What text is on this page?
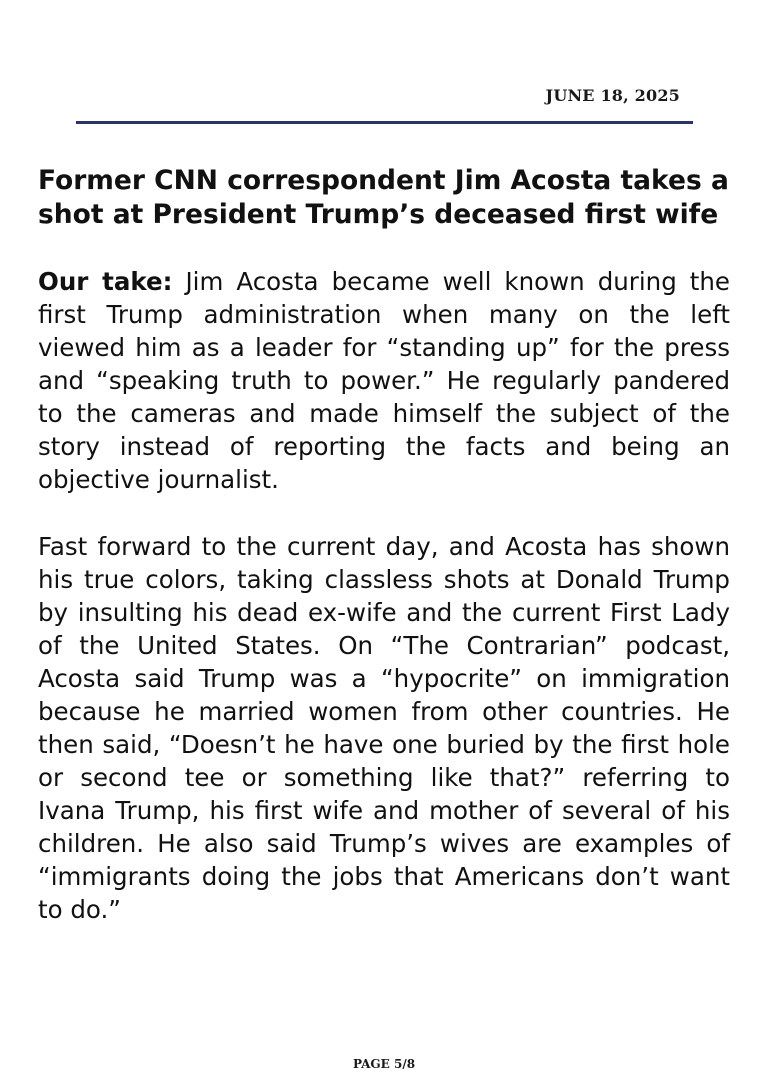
JUNE 18, 2025
Former CNN correspondent Jim Acosta takes a shot at President Trump’s deceased first wife

Our take: Jim Acosta became well known during the first Trump administration when many on the left viewed him as a leader for “standing up” for the press and “speaking truth to power.” He regularly pandered to the cameras and made himself the subject of the story instead of reporting the facts and being an objective journalist.

Fast forward to the current day, and Acosta has shown his true colors, taking classless shots at Donald Trump by insulting his dead ex-wife and the current First Lady of the United States. On “The Contrarian” podcast, Acosta said Trump was a “hypocrite” on immigration because he married women from other countries. He then said, “Doesn’t he have one buried by the first hole or second tee or something like that?” referring to Ivana Trump, his first wife and mother of several of his children. He also said Trump’s wives are examples of “immigrants doing the jobs that Americans don’t want to do.”

PAGE 5/8
